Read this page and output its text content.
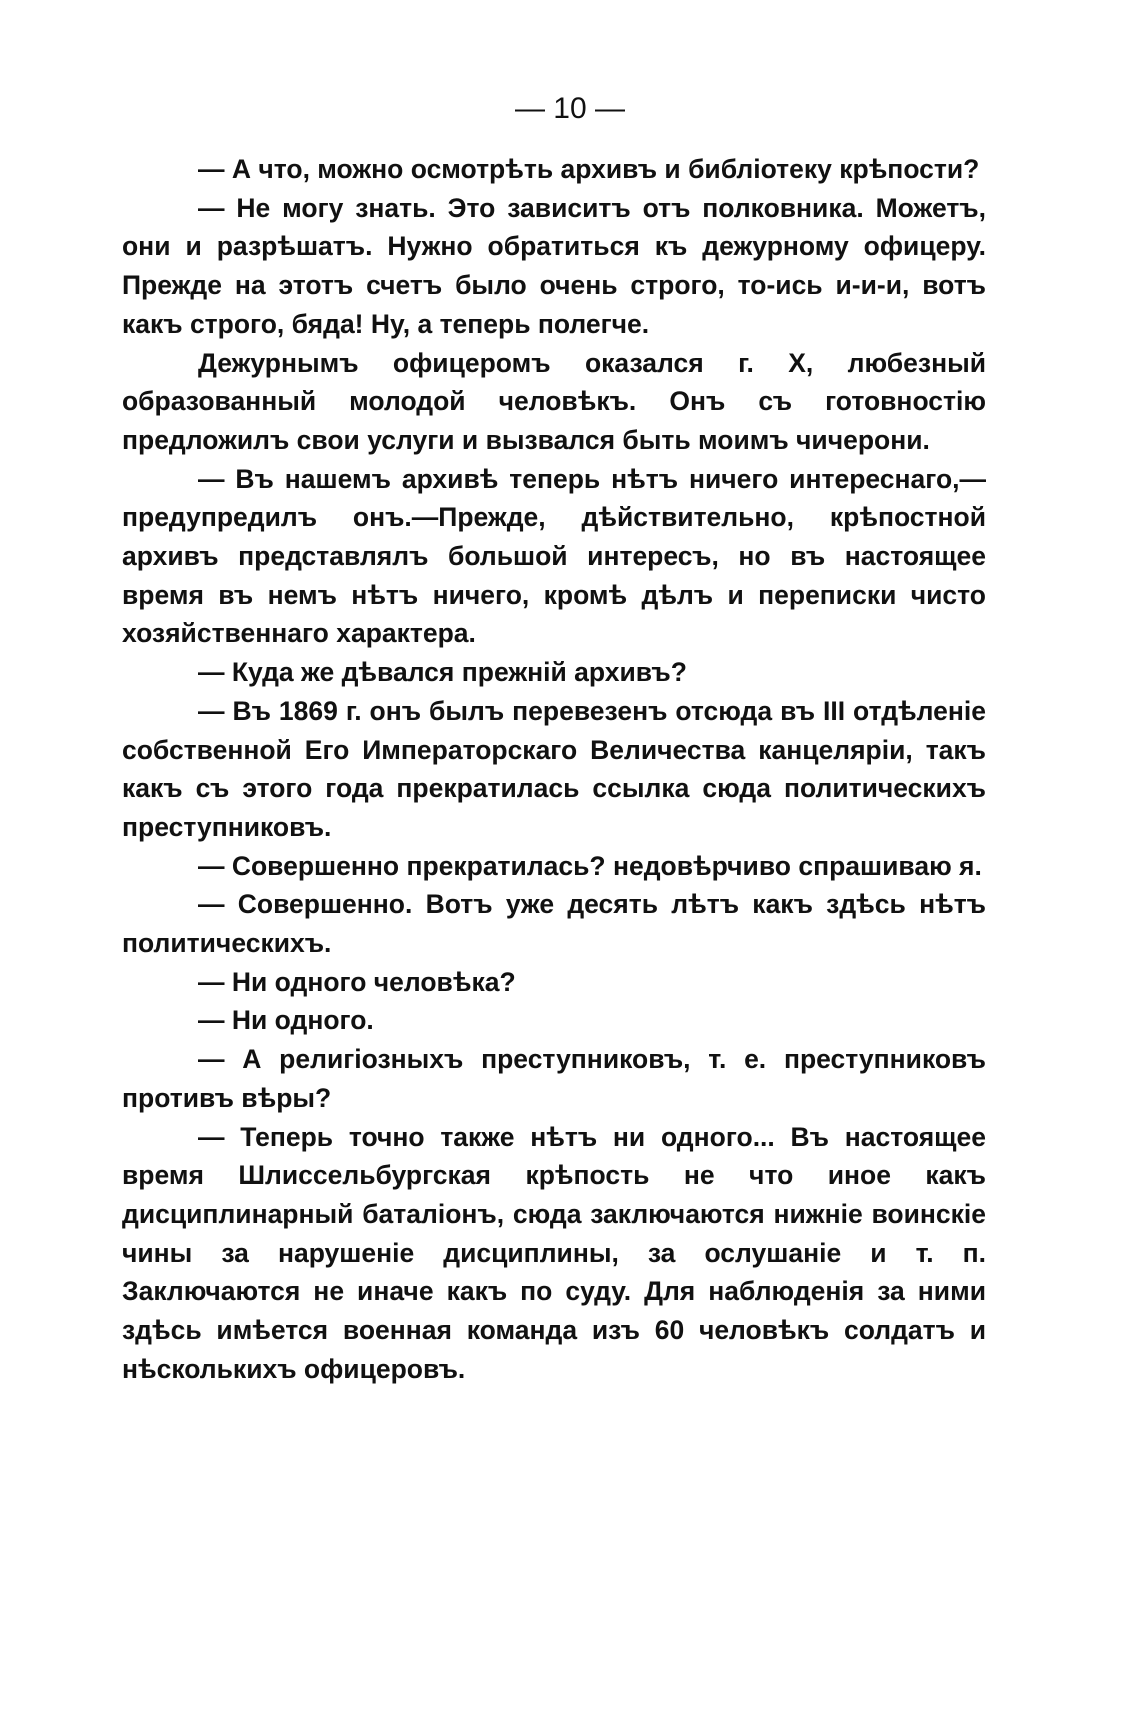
— 10 —

— А что, можно осмотрѣть архивъ и библіотеку крѣпости?

— Не могу знать. Это зависитъ отъ полковника. Можетъ, они и разрѣшатъ. Нужно обратиться къ дежурному офицеру. Прежде на этотъ счетъ было очень строго, то-ись и-и-и, вотъ какъ строго, бяда! Ну, а теперь полегче.

Дежурнымъ офицеромъ оказался г. X, любезный образованный молодой человѣкъ. Онъ съ готовностію предложилъ свои услуги и вызвался быть моимъ чичерони.

— Въ нашемъ архивѣ теперь нѣтъ ничего интереснаго,—предупредилъ онъ.—Прежде, дѣйствительно, крѣпостной архивъ представлялъ большой интересъ, но въ настоящее время въ немъ нѣтъ ничего, кромѣ дѣлъ и переписки чисто хозяйственнаго характера.

— Куда же дѣвался прежній архивъ?

— Въ 1869 г. онъ былъ перевезенъ отсюда въ III отдѣленіе собственной Его Императорскаго Величества канцеляріи, такъ какъ съ этого года прекратилась ссылка сюда политическихъ преступниковъ.

— Совершенно прекратилась? недовѣрчиво спрашиваю я.

— Совершенно. Вотъ уже десять лѣтъ какъ здѣсь нѣтъ политическихъ.

— Ни одного человѣка?

— Ни одного.

— А религіозныхъ преступниковъ, т. е. преступниковъ противъ вѣры?

— Теперь точно также нѣтъ ни одного... Въ настоящее время Шлиссельбургская крѣпость не что иное какъ дисциплинарный баталіонъ, сюда заключаются нижніе воинскіе чины за нарушеніе дисциплины, за ослушаніе и т. п. Заключаются не иначе какъ по суду. Для наблюденія за ними здѣсь имѣется военная команда изъ 60 человѣкъ солдатъ и нѣсколькихъ офицеровъ.
